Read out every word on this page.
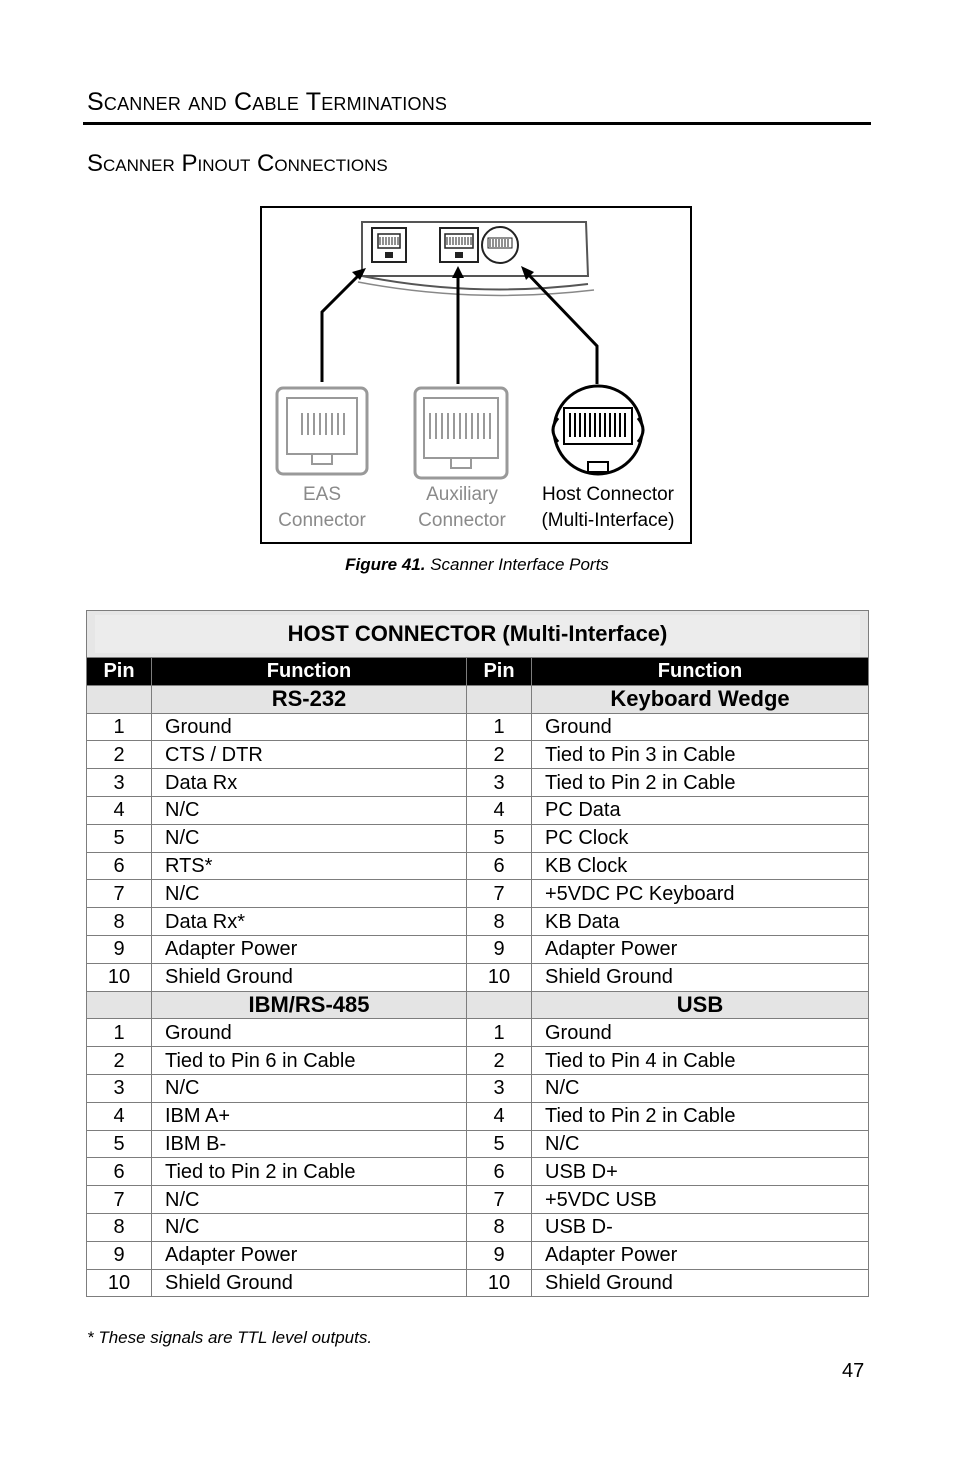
Scanner and Cable Terminations
Scanner Pinout Connections
EAS
Connector
Auxiliary
Connector
Host Connector
(Multi-Interface)
Figure 41. Scanner Interface Ports
HOST CONNECTOR (Multi-Interface)			

Pin	Function	Pin	Function
	RS-232		Keyboard Wedge
1	Ground	1	Ground
2	CTS / DTR	2	Tied to Pin 3 in Cable
3	Data Rx	3	Tied to Pin 2 in Cable
4	N/C	4	PC Data
5	N/C	5	PC Clock
6	RTS*	6	KB Clock
7	N/C	7	+5VDC PC Keyboard
8	Data Rx*	8	KB Data
9	Adapter Power	9	Adapter Power
10	Shield Ground	10	Shield Ground
	IBM/RS-485		USB
1	Ground	1	Ground
2	Tied to Pin 6 in Cable	2	Tied to Pin 4 in Cable
3	N/C	3	N/C
4	IBM A+	4	Tied to Pin 2 in Cable
5	IBM B-	5	N/C
6	Tied to Pin 2 in Cable	6	USB D+
7	N/C	7	+5VDC USB
8	N/C	8	USB D-
9	Adapter Power	9	Adapter Power
10	Shield Ground	10	Shield Ground
* These signals are TTL level outputs.
47
